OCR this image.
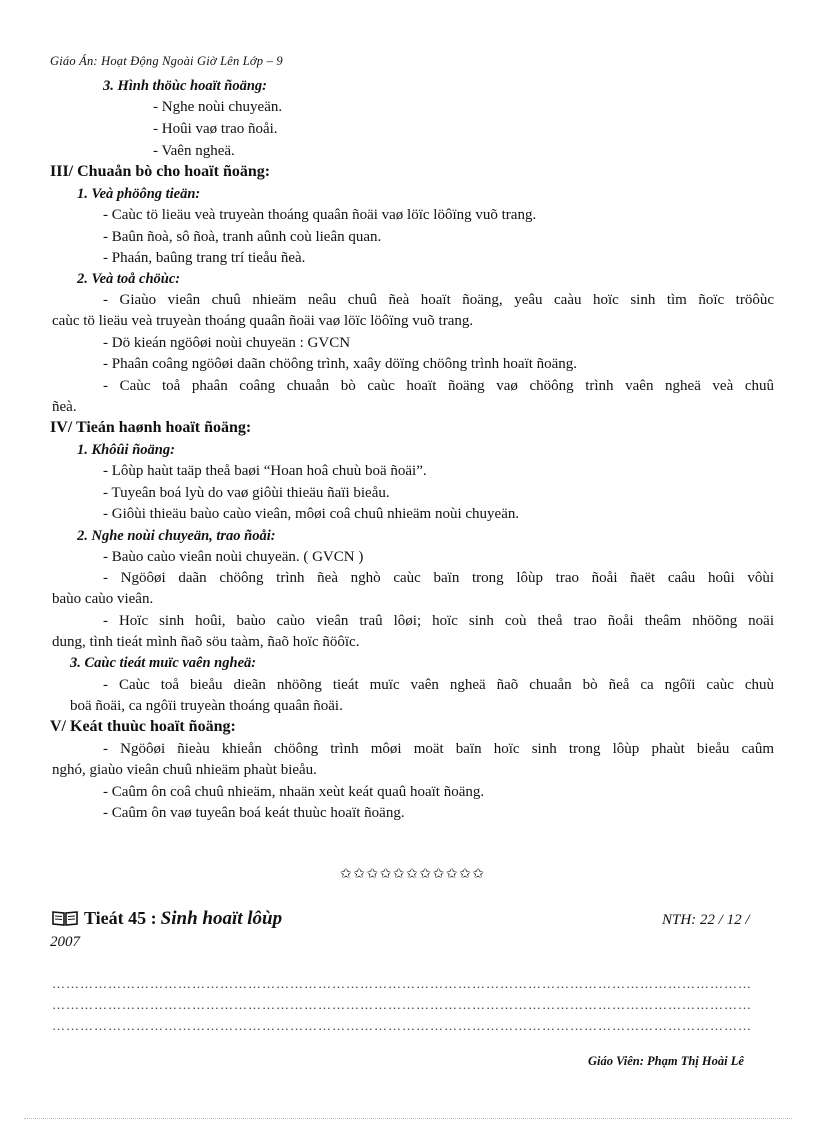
Giáo Án: Hoạt Động Ngoài Giờ Lên Lớp – 9
3. Hình thöùc hoaït ñoäng:
- Nghe noùi chuyeän.
- Hoûi vaø trao ñoåi.
- Vaên ngheä.
III/ Chuaån bò cho hoaït ñoäng:
1. Veà phöông tieän:
- Caùc tö lieäu veà truyeàn thoáng quaân ñoäi vaø löïc löôïng vuõ trang.
- Baûn ñoà, sô ñoà, tranh aûnh coù lieân quan.
- Phaán, baûng trang trí tieåu ñeà.
2. Veà toå chöùc:
- Giaùo vieân chuû nhieäm neâu chuû ñeà hoaït ñoäng, yeâu caàu hoïc sinh tìm ñoïc tröôùc
caùc tö lieäu veà truyeàn thoáng quaân ñoäi vaø löïc löôïng vuõ trang.
- Dö kieán ngöôøi noùi chuyeän : GVCN
- Phaân coâng ngöôøi daãn chöông trình, xaây döïng chöông trình hoaït ñoäng.
- Caùc toå phaân coâng chuaån bò caùc hoaït ñoäng vaø chöông trình vaên ngheä veà chuû
ñeà.
IV/ Tieán haønh hoaït ñoäng:
1. Khôûi ñoäng:
- Lôùp haùt taäp theå baøi “Hoan hoâ chuù boä ñoäi”.
- Tuyeân boá lyù do vaø giôùi thieäu ñaïi bieåu.
- Giôùi thieäu baùo caùo vieân, môøi coâ chuû nhieäm noùi chuyeän.
2. Nghe noùi chuyeän, trao ñoåi:
- Baùo caùo vieân noùi chuyeän. ( GVCN )
- Ngöôøi daãn chöông trình ñeà nghò caùc baïn trong lôùp trao ñoåi ñaët caâu hoûi vôùi
baùo caùo vieân.
- Hoïc sinh hoûi, baùo caùo vieân traû lôøi; hoïc sinh coù theå trao ñoåi theâm nhöõng noäi
dung, tình tieát mình ñaõ söu taàm, ñaõ hoïc ñöôïc.
3. Caùc tieát muïc vaên ngheä:
- Caùc toå bieåu dieãn nhöõng tieát muïc vaên ngheä ñaõ chuaån bò ñeå ca ngôïi caùc chuù
boä ñoäi, ca ngôïi truyeàn thoáng quaân ñoäi.
V/ Keát thuùc hoaït ñoäng:
- Ngöôøi ñieàu khieån chöông trình môøi moät baïn hoïc sinh trong lôùp phaùt bieåu caûm
nghó, giaùo vieân chuû nhieäm phaùt bieåu.
- Caûm ôn coâ chuû nhieäm, nhaän xeùt keát quaû hoaït ñoäng.
- Caûm ôn vaø tuyeân boá keát thuùc hoaït ñoäng.
✩✩✩✩✩✩✩✩✩✩✩
Tieát 45 : Sinh hoaït lôùp	NTH: 22 / 12 /
2007
……………………………………………………………………………………………………………………………………
……………………………………………………………………………………………………………………………………
……………………………………………………………………………………………………………………………………
Giáo Viên: Phạm Thị Hoài Lê
